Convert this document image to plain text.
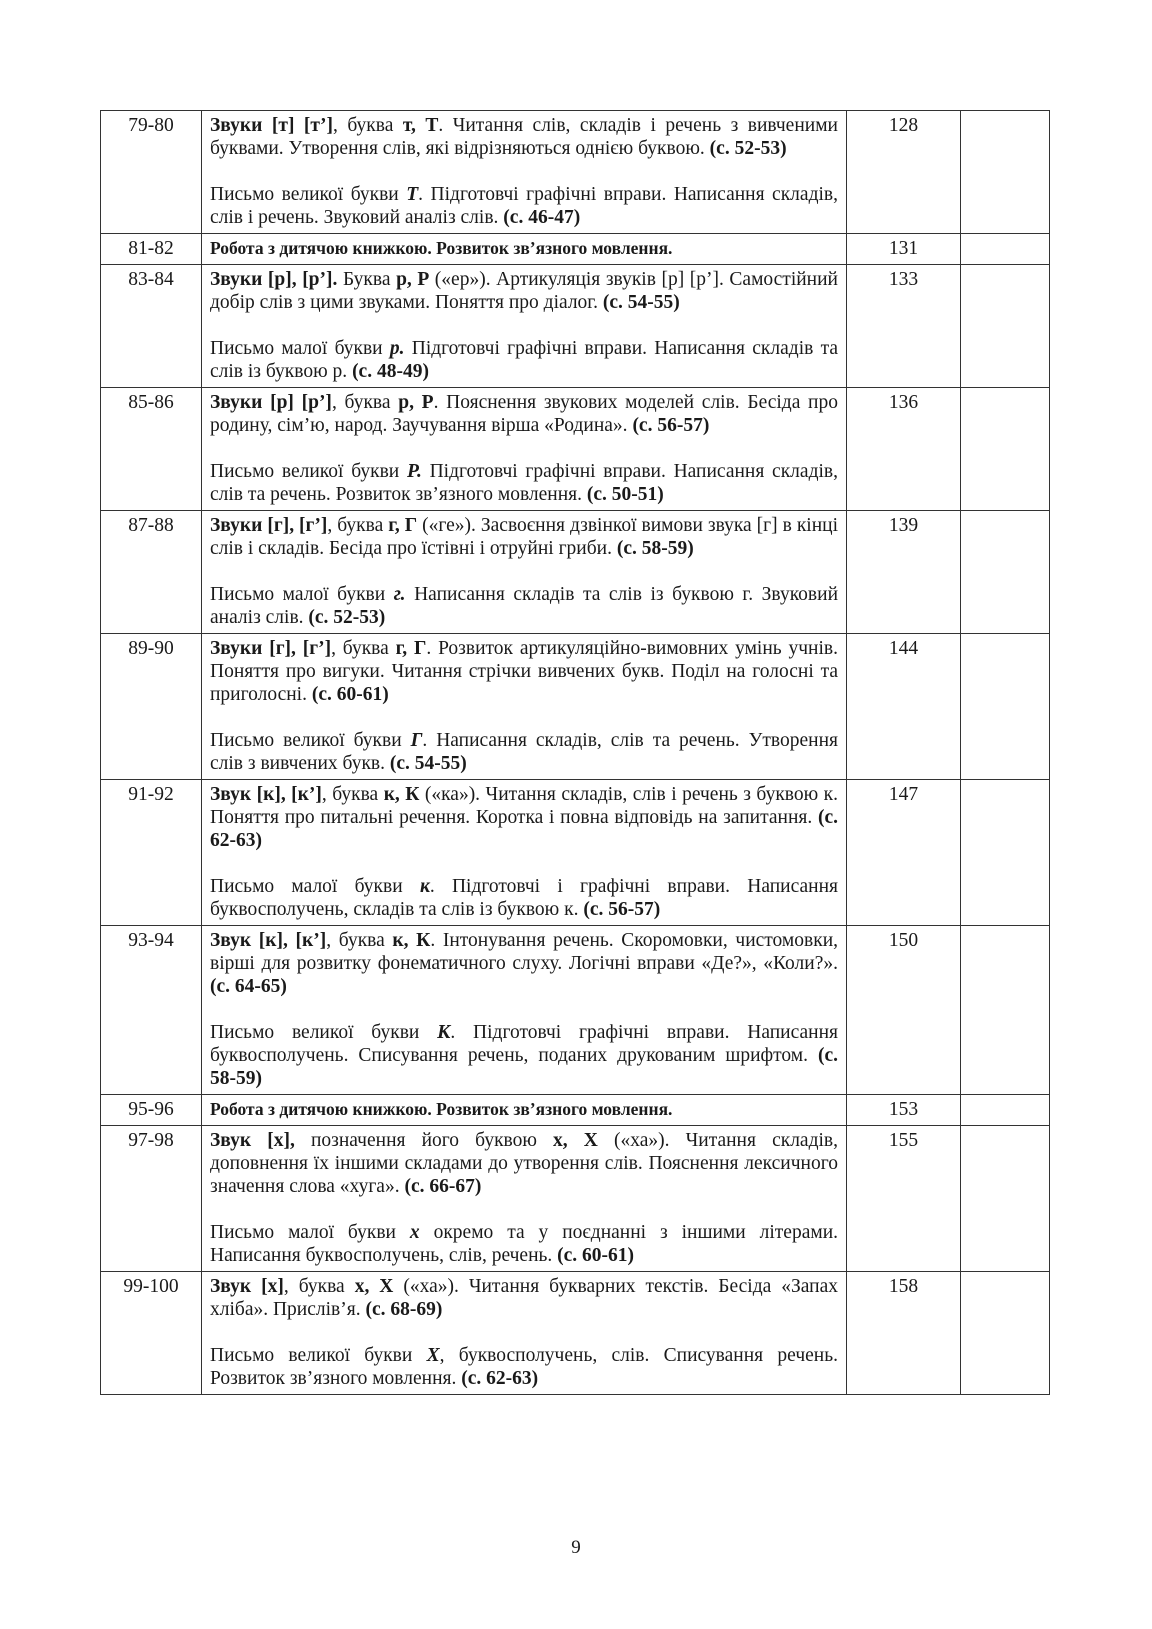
79-80	Звуки [т] [т’], буква т, Т. Читання слів, складів і речень з вивченими буквами. Утворення слів, які відрізняються однією буквою. (с. 52-53)
Письмо великої букви Т. Підготовчі графічні вправи. Написання складів, слів і речень. Звуковий аналіз слів. (с. 46-47)	128	
81-82	Робота з дитячою книжкою. Розвиток зв’язного мовлення.	131	
83-84	Звуки [р], [р’]. Буква р, Р («ер»). Артикуляція звуків [р] [р’]. Самостійний добір слів з цими звуками. Поняття про діалог. (с. 54-55)
Письмо малої букви р. Підготовчі графічні вправи. Написання складів та слів із буквою р. (с. 48-49)	133	
85-86	Звуки [р] [р’], буква р, Р. Пояснення звукових моделей слів. Бесіда про родину, сім’ю, народ. Заучування вірша «Родина». (с. 56-57)
Письмо великої букви Р. Підготовчі графічні вправи. Написання складів, слів та речень. Розвиток зв’язного мовлення. (с. 50-51)	136	
87-88	Звуки [г], [г’], буква г, Г («ге»). Засвоєння дзвінкої вимови звука [г] в кінці слів і складів. Бесіда про їстівні і отруйні гриби. (с. 58-59)
Письмо малої букви г. Написання складів та слів із буквою г. Звуковий аналіз слів. (с. 52-53)	139	
89-90	Звуки [г], [г’], буква г, Г. Розвиток артикуляційно-вимовних умінь учнів. Поняття про вигуки. Читання стрічки вивчених букв. Поділ на голосні та приголосні. (с. 60-61)
Письмо великої букви Г. Написання складів, слів та речень. Утворення слів з вивчених букв. (с. 54-55)	144	
91-92	Звук [к], [к’], буква к, К («ка»). Читання складів, слів і речень з буквою к. Поняття про питальні речення. Коротка і повна відповідь на запитання. (с. 62-63)
Письмо малої букви к. Підготовчі і графічні вправи. Написання буквосполучень, складів та слів із буквою к. (с. 56-57)	147	
93-94	Звук [к], [к’], буква к, К. Інтонування речень. Скоромовки, чистомовки, вірші для розвитку фонематичного слуху. Логічні вправи «Де?», «Коли?». (с. 64-65)
Письмо великої букви К. Підготовчі графічні вправи. Написання буквосполучень. Списування речень, поданих друкованим шрифтом. (с. 58-59)	150	
95-96	Робота з дитячою книжкою. Розвиток зв’язного мовлення.	153	
97-98	Звук [х], позначення його буквою х, Х («ха»). Читання складів, доповнення їх іншими складами до утворення слів. Пояснення лексичного значення слова «хуга». (с. 66-67)
Письмо малої букви х окремо та у поєднанні з іншими літерами. Написання буквосполучень, слів, речень. (с. 60-61)	155	
99-100	Звук [х], буква х, Х («ха»). Читання букварних текстів. Бесіда «Запах хліба». Прислів’я. (с. 68-69)
Письмо великої букви Х, буквосполучень, слів. Списування речень. Розвиток зв’язного мовлення. (с. 62-63)	158	
9
